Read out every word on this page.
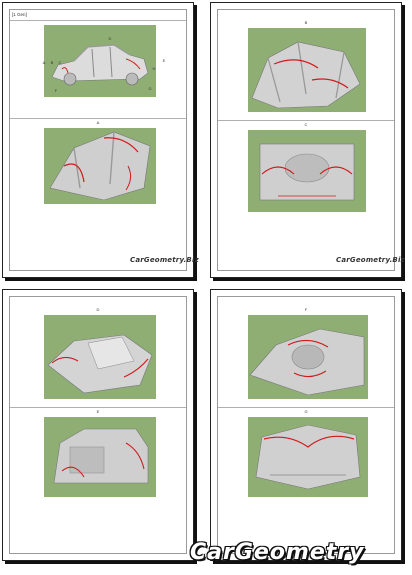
[1 Gen]
A	B	C
D
E
F	G
H
A
CarGeometry.Biz
B
C
CarGeometry.Biz
D
E
F
G
CarGeometry
